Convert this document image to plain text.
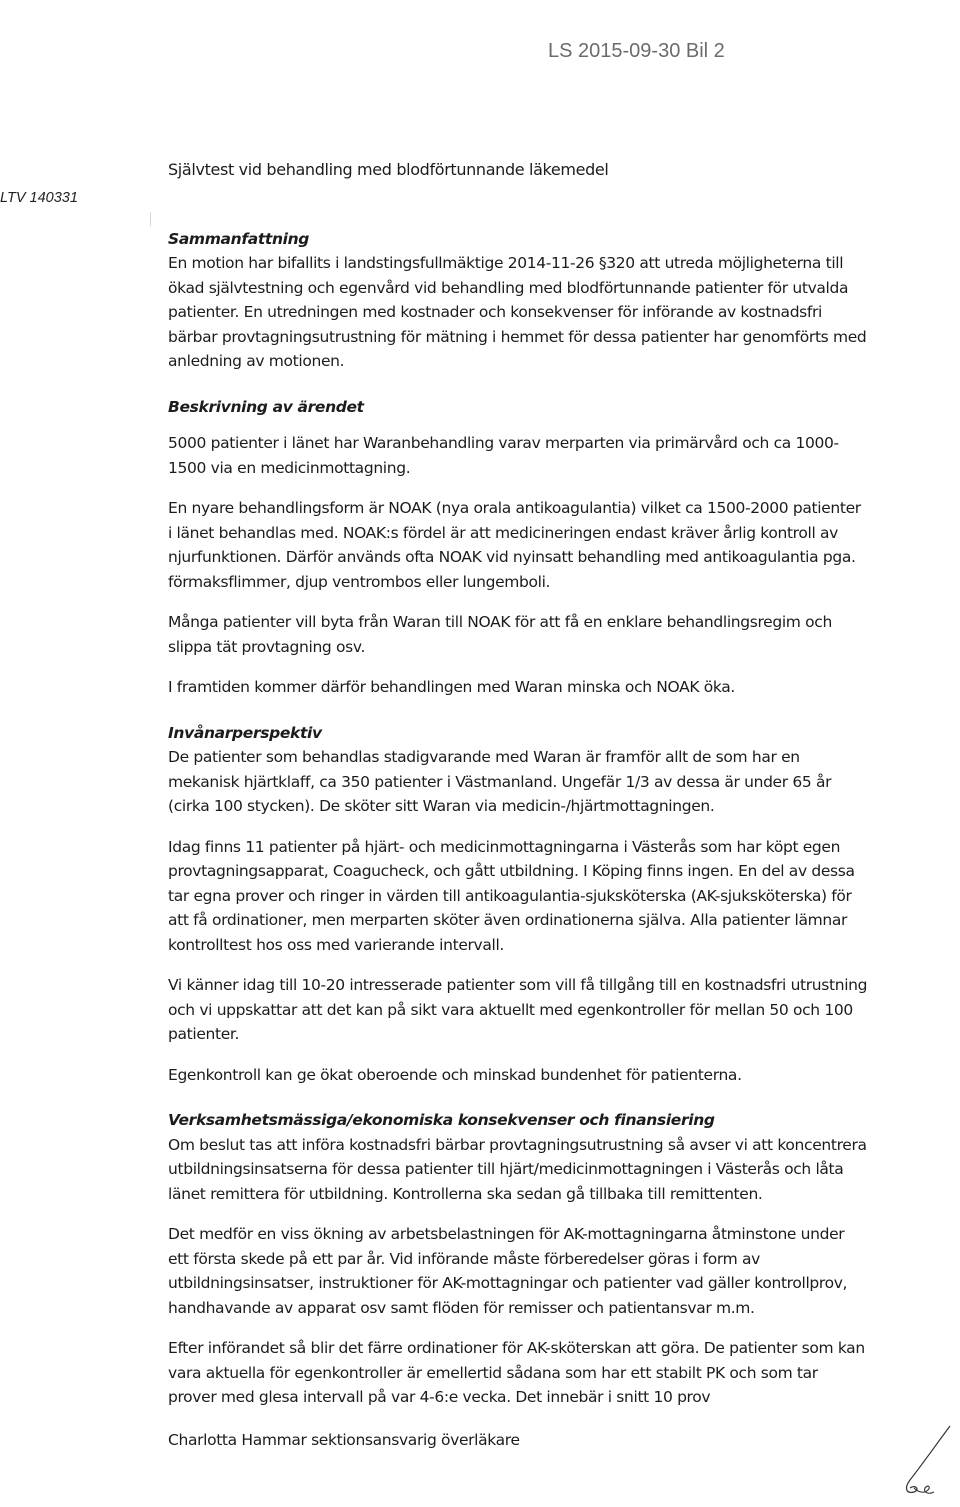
LS 2015-09-30 Bil 2
LTV 140331

Självtest vid behandling med blodförtunnande läkemedel

Sammanfattning

En motion har bifallits i landstingsfullmäktige 2014-11-26 §320 att utreda möjligheterna till ökad självtestning och egenvård vid behandling med blodförtunnande patienter för utvalda patienter. En utredningen med kostnader och konsekvenser för införande av kostnadsfri bärbar provtagningsutrustning för mätning i hemmet för dessa patienter har genomförts med anledning av motionen.

Beskrivning av ärendet

5000 patienter i länet har Waranbehandling varav merparten via primärvård och ca 1000-1500 via en medicinmottagning.

En nyare behandlingsform är NOAK (nya orala antikoagulantia) vilket ca 1500-2000 patienter i länet behandlas med. NOAK:s fördel är att medicineringen endast kräver årlig kontroll av njurfunktionen. Därför används ofta NOAK vid nyinsatt behandling med antikoagulantia pga. förmaksflimmer, djup ventrombos eller lungemboli.

Många patienter vill byta från Waran till NOAK för att få en enklare behandlingsregim och slippa tät provtagning osv.

I framtiden kommer därför behandlingen med Waran minska och NOAK öka.

Invånarperspektiv

De patienter som behandlas stadigvarande med Waran är framför allt de som har en mekanisk hjärtklaff, ca 350 patienter i Västmanland. Ungefär 1/3 av dessa är under 65 år (cirka 100 stycken). De sköter sitt Waran via medicin-/hjärtmottagningen.

Idag finns 11 patienter på hjärt- och medicinmottagningarna i Västerås som har köpt egen provtagningsapparat, Coagucheck, och gått utbildning. I Köping finns ingen. En del av dessa tar egna prover och ringer in värden till antikoagulantia-sjuksköterska (AK-sjuksköterska) för att få ordinationer, men merparten sköter även ordinationerna själva. Alla patienter lämnar kontrolltest hos oss med varierande intervall.

Vi känner idag till 10-20 intresserade patienter som vill få tillgång till en kostnadsfri utrustning och vi uppskattar att det kan på sikt vara aktuellt med egenkontroller för mellan 50 och 100 patienter.

Egenkontroll kan ge ökat oberoende och minskad bundenhet för patienterna.

Verksamhetsmässiga/ekonomiska konsekvenser och finansiering

Om beslut tas att införa kostnadsfri bärbar provtagningsutrustning så avser vi att koncentrera utbildningsinsatserna för dessa patienter till hjärt/medicinmottagningen i Västerås och låta länet remittera för utbildning. Kontrollerna ska sedan gå tillbaka till remittenten.

Det medför en viss ökning av arbetsbelastningen för AK-mottagningarna åtminstone under ett första skede på ett par år. Vid införande måste förberedelser göras i form av utbildningsinsatser, instruktioner för AK-mottagningar och patienter vad gäller kontrollprov, handhavande av apparat osv samt flöden för remisser och patientansvar m.m.

Efter införandet så blir det färre ordinationer för AK-sköterskan att göra. De patienter som kan vara aktuella för egenkontroller är emellertid sådana som har ett stabilt PK och som tar prover med glesa intervall på var 4-6:e vecka. Det innebär i snitt 10 prov

Charlotta Hammar sektionsansvarig överläkare
